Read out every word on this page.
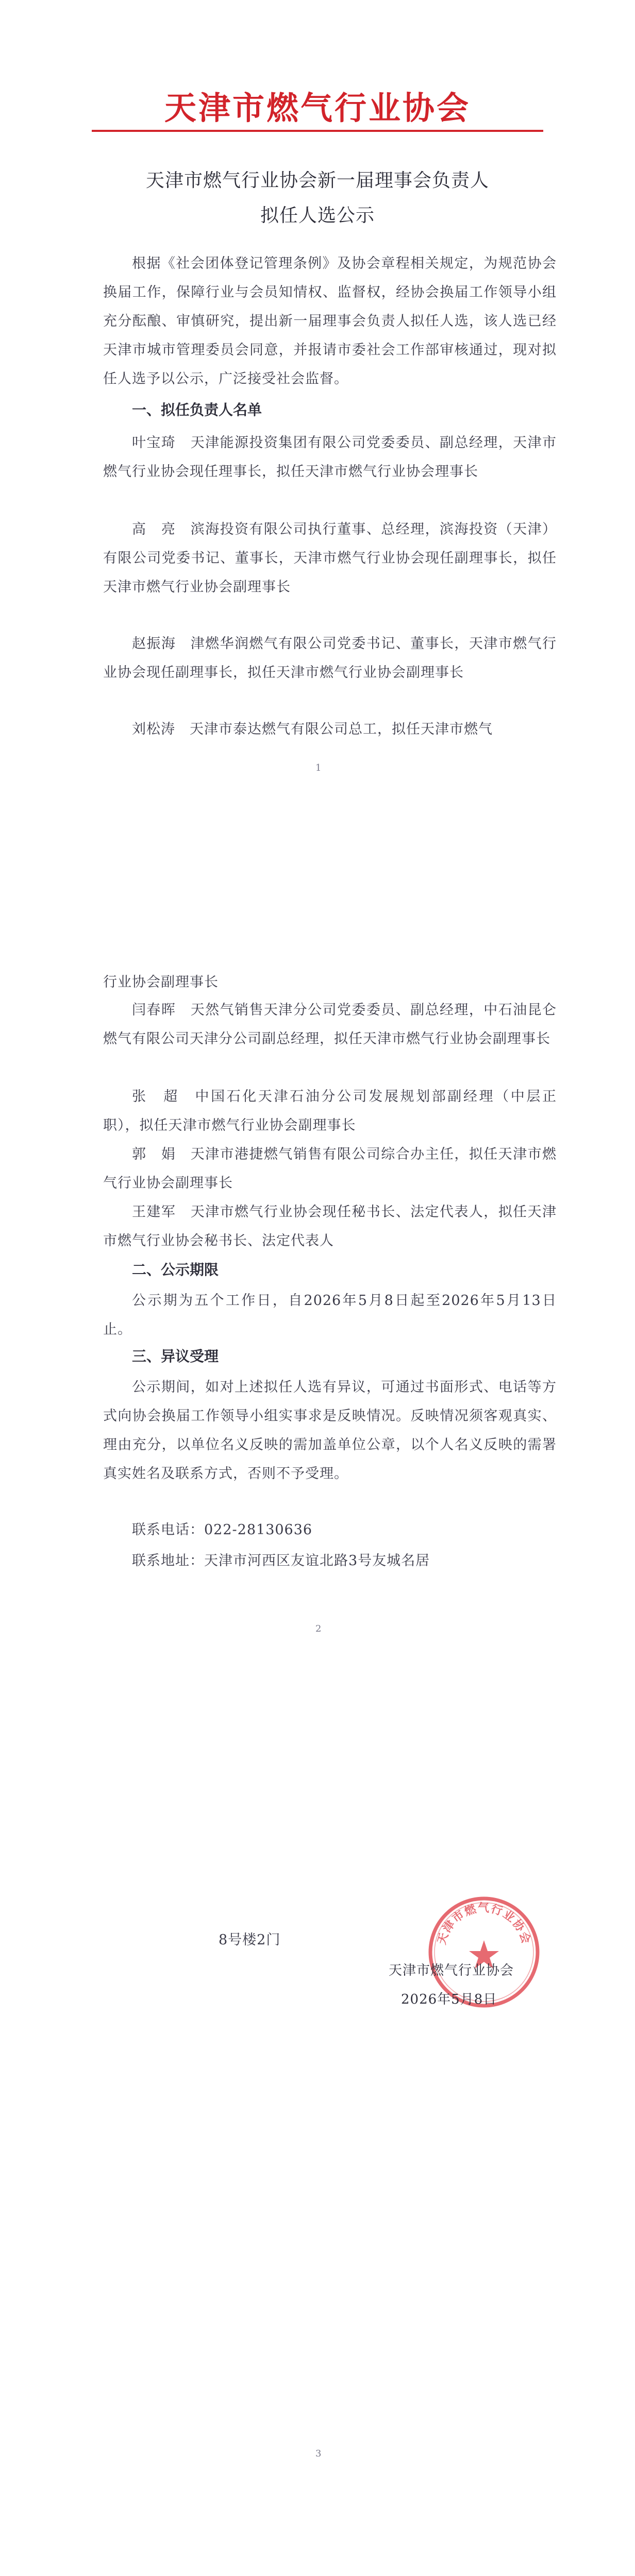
天津市燃气行业协会
天津市燃气行业协会新一届理事会负责人
拟任人选公示
根据《社会团体登记管理条例》及协会章程相关规定，为规范协会换届工作，保障行业与会员知情权、监督权，经协会换届工作领导小组充分酝酿、审慎研究，提出新一届理事会负责人拟任人选，该人选已经天津市城市管理委员会同意，并报请市委社会工作部审核通过，现对拟任人选予以公示，广泛接受社会监督。
一、拟任负责人名单
叶宝琦　天津能源投资集团有限公司党委委员、副总经理，天津市燃气行业协会现任理事长，拟任天津市燃气行业协会理事长
高　亮　滨海投资有限公司执行董事、总经理，滨海投资（天津）有限公司党委书记、董事长，天津市燃气行业协会现任副理事长，拟任天津市燃气行业协会副理事长
赵振海　津燃华润燃气有限公司党委书记、董事长，天津市燃气行业协会现任副理事长，拟任天津市燃气行业协会副理事长
刘松涛　天津市泰达燃气有限公司总工，拟任天津市燃气
1
行业协会副理事长
闫春晖　天然气销售天津分公司党委委员、副总经理，中石油昆仑燃气有限公司天津分公司副总经理，拟任天津市燃气行业协会副理事长
张　超　中国石化天津石油分公司发展规划部副经理（中层正职），拟任天津市燃气行业协会副理事长
郭　娟　天津市港捷燃气销售有限公司综合办主任，拟任天津市燃气行业协会副理事长
王建军　天津市燃气行业协会现任秘书长、法定代表人，拟任天津市燃气行业协会秘书长、法定代表人
二、公示期限
公示期为五个工作日，自2026年5月8日起至2026年5月13日止。
三、异议受理
公示期间，如对上述拟任人选有异议，可通过书面形式、电话等方式向协会换届工作领导小组实事求是反映情况。反映情况须客观真实、理由充分，以单位名义反映的需加盖单位公章，以个人名义反映的需署真实姓名及联系方式，否则不予受理。
联系电话：022-28130636
联系地址：天津市河西区友谊北路3号友城名居
2
8号楼2门	天津市燃气行业协会
天津市燃气行业协会
2026年5月8日
3
